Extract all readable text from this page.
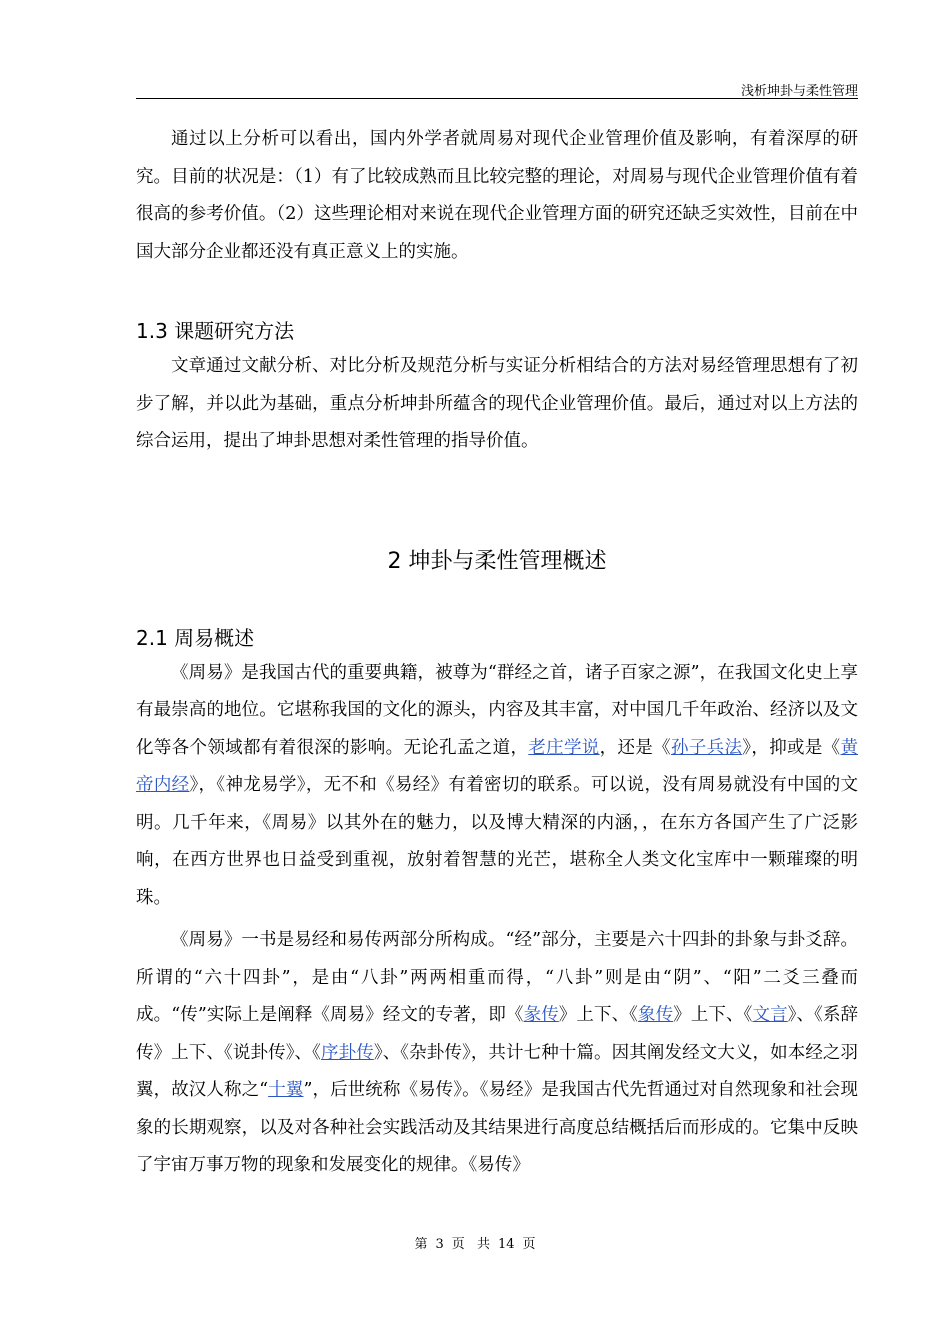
浅析坤卦与柔性管理

通过以上分析可以看出，国内外学者就周易对现代企业管理价值及影响，有着深厚的研究。目前的状况是：（1）有了比较成熟而且比较完整的理论，对周易与现代企业管理价值有着很高的参考价值。（2）这些理论相对来说在现代企业管理方面的研究还缺乏实效性，目前在中国大部分企业都还没有真正意义上的实施。

1.3 课题研究方法

文章通过文献分析、对比分析及规范分析与实证分析相结合的方法对易经管理思想有了初步了解，并以此为基础，重点分析坤卦所蕴含的现代企业管理价值。最后，通过对以上方法的综合运用，提出了坤卦思想对柔性管理的指导价值。

2 坤卦与柔性管理概述
2.1 周易概述

《周易》是我国古代的重要典籍，被尊为“群经之首，诸子百家之源”，在我国文化史上享有最崇高的地位。它堪称我国的文化的源头，内容及其丰富，对中国几千年政治、经济以及文化等各个领域都有着很深的影响。无论孔孟之道，老庄学说，还是《孙子兵法》，抑或是《黄帝内经》，《神龙易学》，无不和《易经》有着密切的联系。可以说，没有周易就没有中国的文明。几千年来，《周易》以其外在的魅力，以及博大精深的内涵，，在东方各国产生了广泛影响，在西方世界也日益受到重视，放射着智慧的光芒，堪称全人类文化宝库中一颗璀璨的明珠。

《周易》一书是易经和易传两部分所构成。“经”部分，主要是六十四卦的卦象与卦爻辞。所谓的“六十四卦”，是由“八卦”两两相重而得，“八卦”则是由“阴”、“阳”二爻三叠而成。“传”实际上是阐释《周易》经文的专著，即《彖传》上下、《象传》上下、《文言》、《系辞传》上下、《说卦传》、《序卦传》、《杂卦传》，共计七种十篇。因其阐发经文大义，如本经之羽翼，故汉人称之“十翼”，后世统称《易传》。《易经》是我国古代先哲通过对自然现象和社会现象的长期观察，以及对各种社会实践活动及其结果进行高度总结概括后而形成的。它集中反映了宇宙万事万物的现象和发展变化的规律。《易传》

第 3 页 共 14 页
